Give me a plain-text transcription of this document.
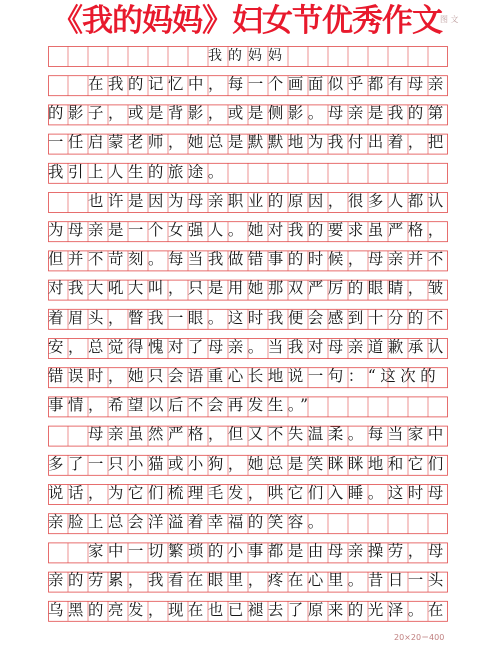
《我的妈妈》妇女节优秀作文
图 文
我的妈妈
在我的记忆中，每一个画面似乎都有母亲
的影子，或是背影，或是侧影。母亲是我的第
一任启蒙老师，她总是默默地为我付出着，把
我引上人生的旅途。
也许是因为母亲职业的原因，很多人都认
为母亲是一个女强人。她对我的要求虽严格，
但并不苛刻。每当我做错事的时候，母亲并不
对我大吼大叫，只是用她那双严厉的眼睛，皱
着眉头，瞥我一眼。这时我便会感到十分的不
安，总觉得愧对了母亲。当我对母亲道歉承认
错误时，她只会语重心长地说一句：“这次的
事情，希望以后不会再发生。”
母亲虽然严格，但又不失温柔。每当家中
多了一只小猫或小狗，她总是笑眯眯地和它们
说话，为它们梳理毛发，哄它们入睡。这时母
亲脸上总会洋溢着幸福的笑容。
家中一切繁琐的小事都是由母亲操劳，母
亲的劳累，我看在眼里，疼在心里。昔日一头
乌黑的亮发，现在也已褪去了原来的光泽。在
20×20＝400
